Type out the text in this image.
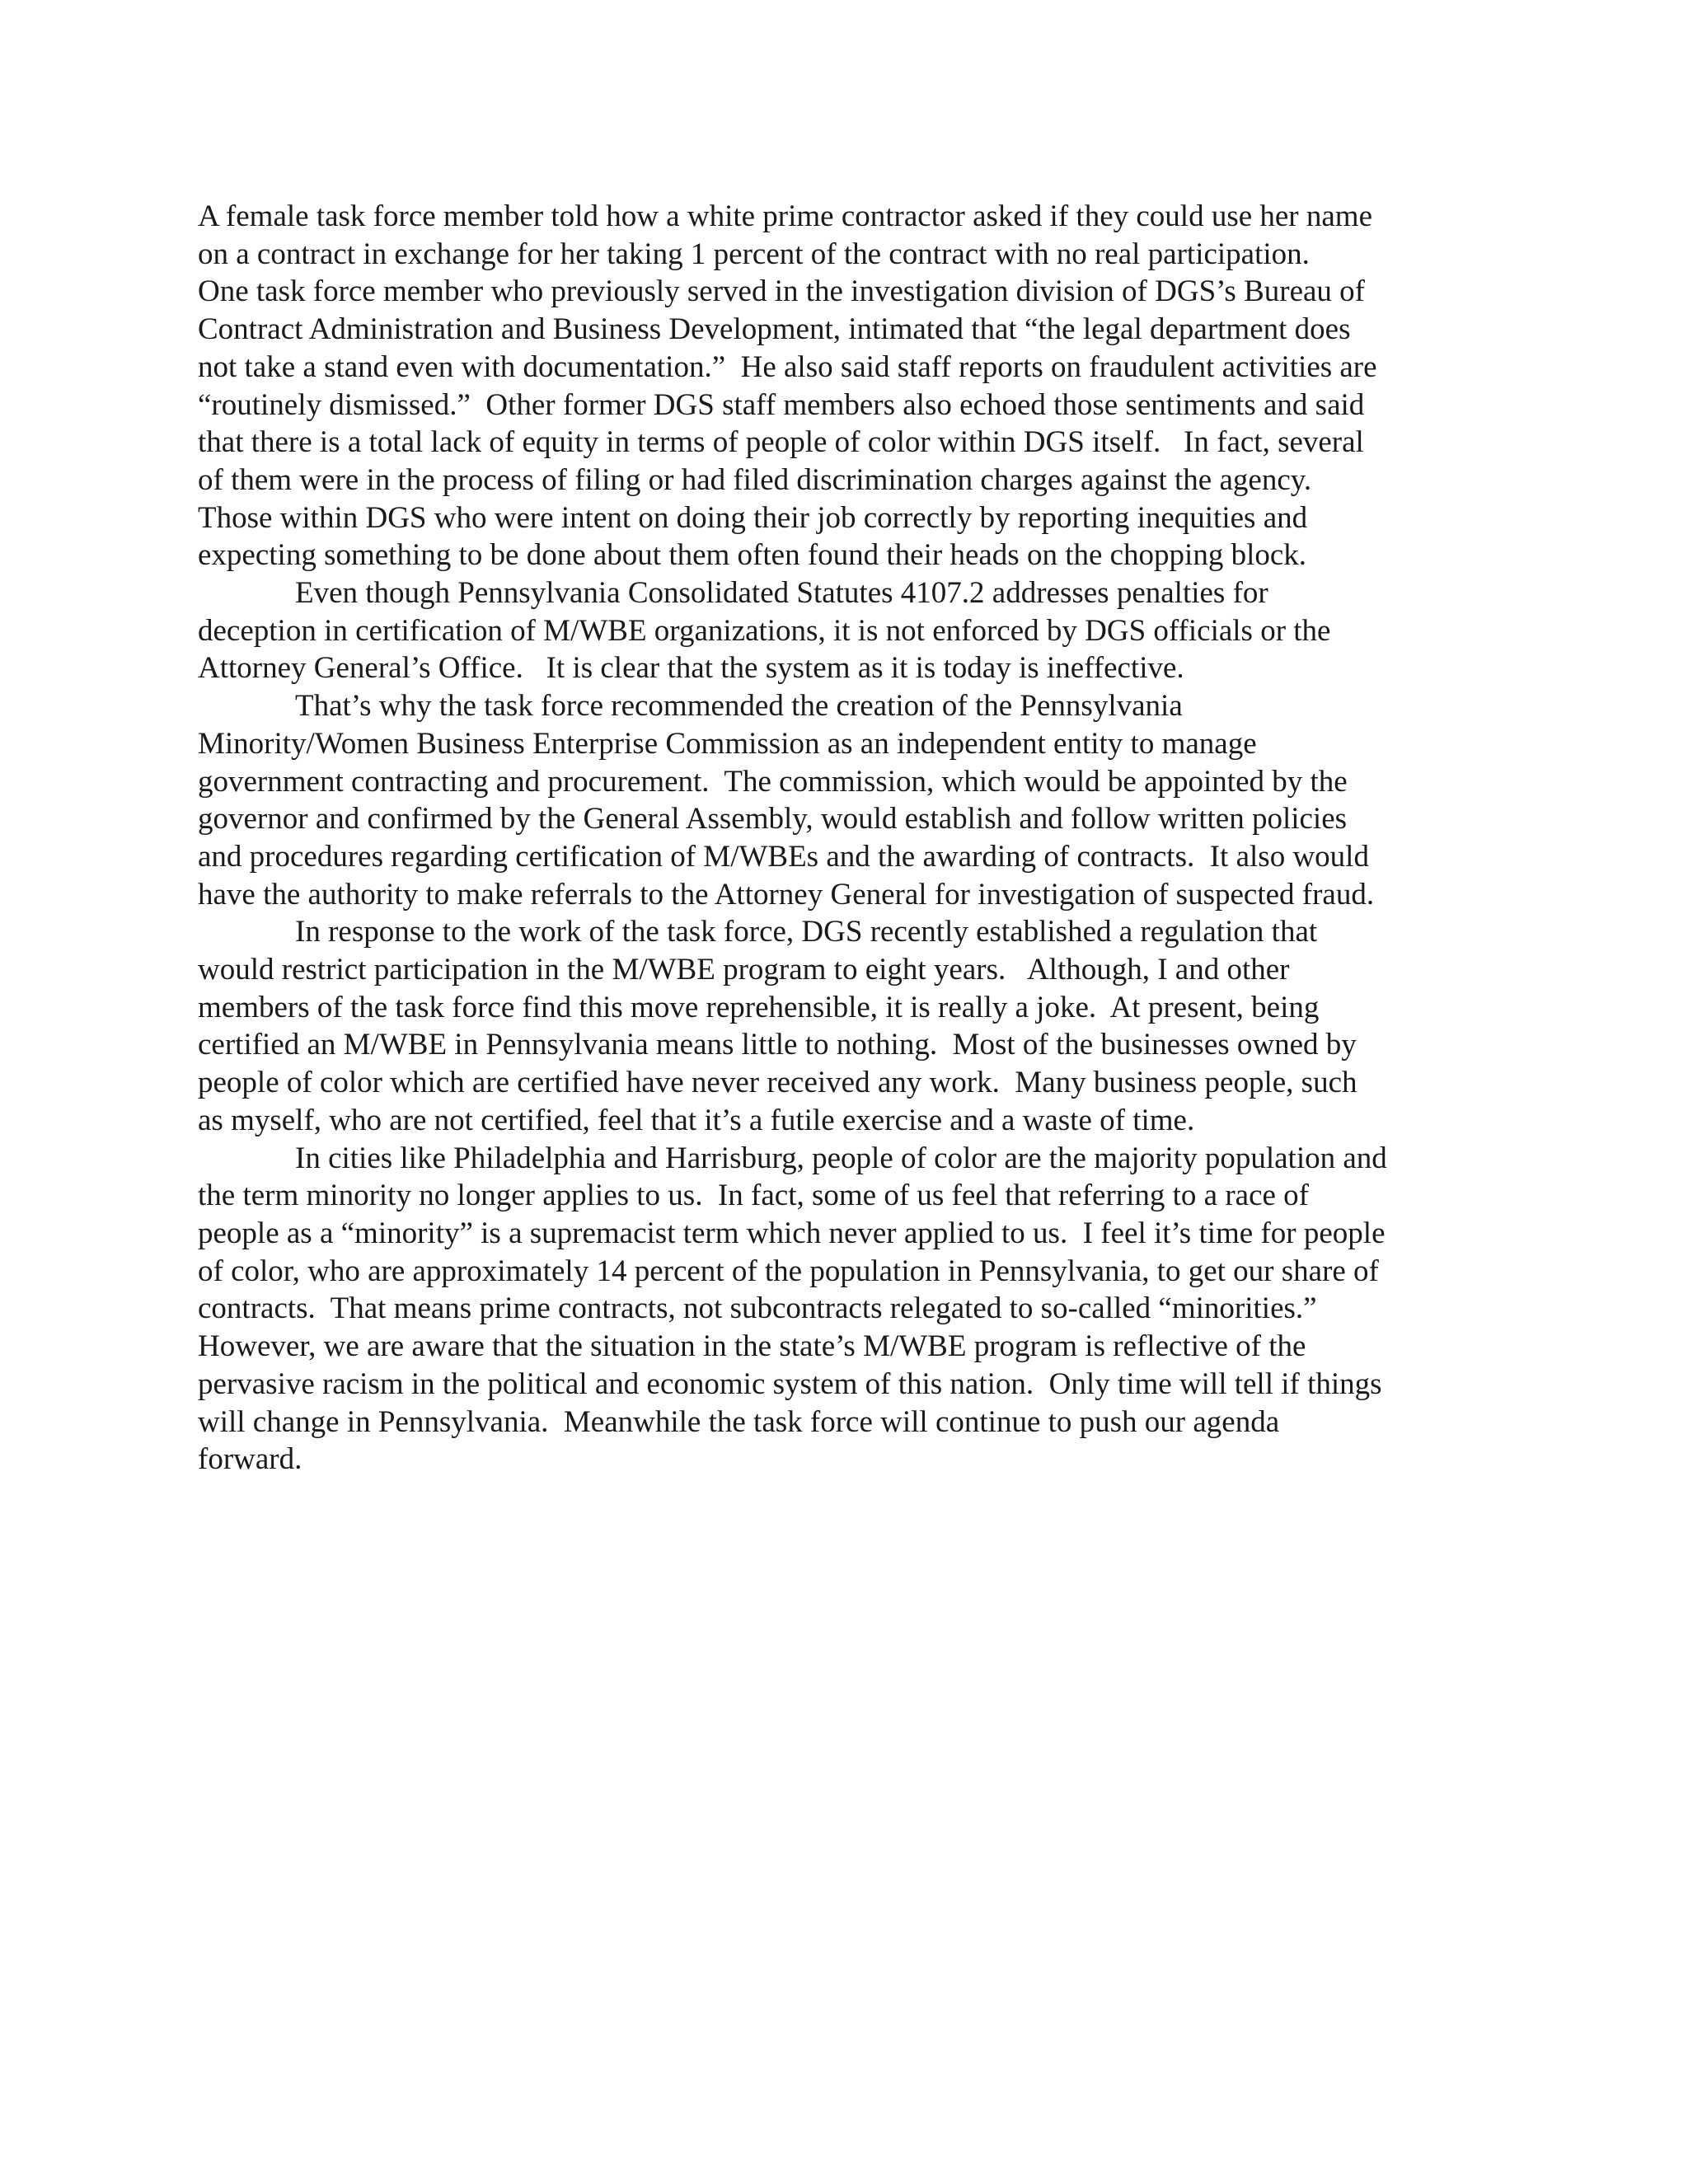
A female task force member told how a white prime contractor asked if they could use her name
on a contract in exchange for her taking 1 percent of the contract with no real participation.
One task force member who previously served in the investigation division of DGS’s Bureau of
Contract Administration and Business Development, intimated that “the legal department does
not take a stand even with documentation.”  He also said staff reports on fraudulent activities are
“routinely dismissed.”  Other former DGS staff members also echoed those sentiments and said
that there is a total lack of equity in terms of people of color within DGS itself.   In fact, several
of them were in the process of filing or had filed discrimination charges against the agency.
Those within DGS who were intent on doing their job correctly by reporting inequities and
expecting something to be done about them often found their heads on the chopping block.

Even though Pennsylvania Consolidated Statutes 4107.2 addresses penalties for
deception in certification of M/WBE organizations, it is not enforced by DGS officials or the
Attorney General’s Office.   It is clear that the system as it is today is ineffective.

That’s why the task force recommended the creation of the Pennsylvania
Minority/Women Business Enterprise Commission as an independent entity to manage
government contracting and procurement.  The commission, which would be appointed by the
governor and confirmed by the General Assembly, would establish and follow written policies
and procedures regarding certification of M/WBEs and the awarding of contracts.  It also would
have the authority to make referrals to the Attorney General for investigation of suspected fraud.

In response to the work of the task force, DGS recently established a regulation that
would restrict participation in the M/WBE program to eight years.   Although, I and other
members of the task force find this move reprehensible, it is really a joke.  At present, being
certified an M/WBE in Pennsylvania means little to nothing.  Most of the businesses owned by
people of color which are certified have never received any work.  Many business people, such
as myself, who are not certified, feel that it’s a futile exercise and a waste of time.

In cities like Philadelphia and Harrisburg, people of color are the majority population and
the term minority no longer applies to us.  In fact, some of us feel that referring to a race of
people as a “minority” is a supremacist term which never applied to us.  I feel it’s time for people
of color, who are approximately 14 percent of the population in Pennsylvania, to get our share of
contracts.  That means prime contracts, not subcontracts relegated to so-called “minorities.”
However, we are aware that the situation in the state’s M/WBE program is reflective of the
pervasive racism in the political and economic system of this nation.  Only time will tell if things
will change in Pennsylvania.  Meanwhile the task force will continue to push our agenda
forward.
